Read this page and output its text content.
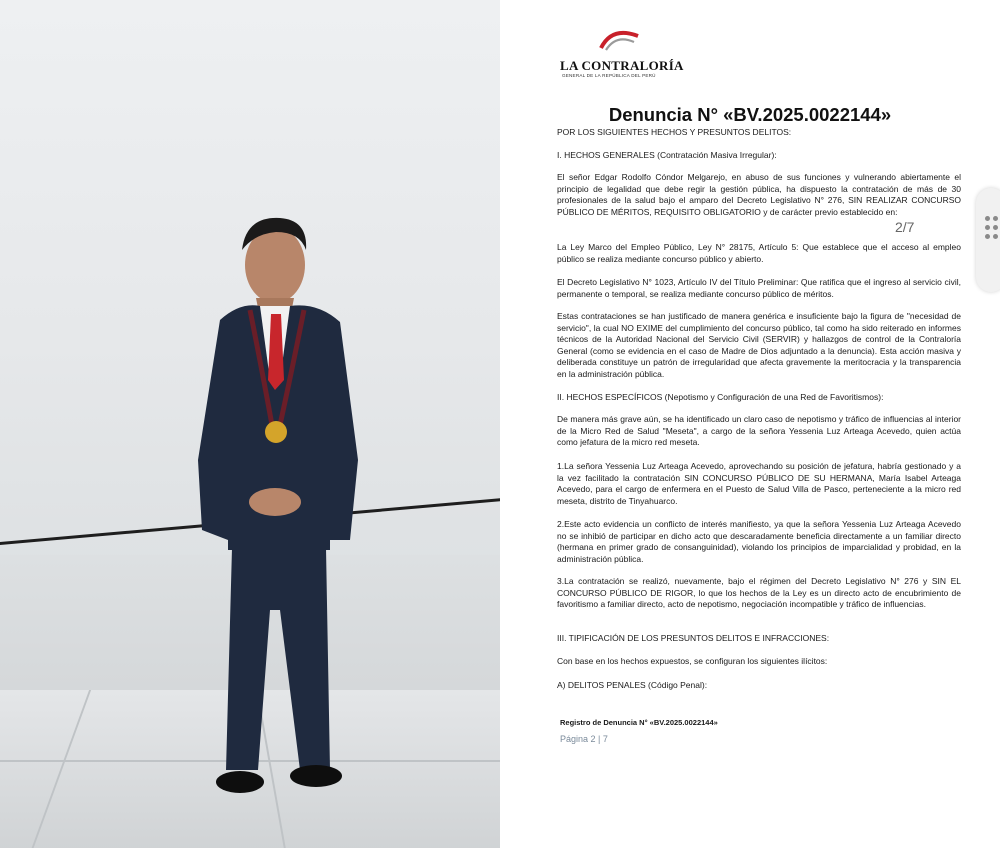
LA CONTRALORÍA
GENERAL DE LA REPÚBLICA DEL PERÚ
Denuncia N° «BV.2025.0022144»
POR LOS SIGUIENTES HECHOS Y PRESUNTOS DELITOS:
I. HECHOS GENERALES (Contratación Masiva Irregular):
El señor Edgar Rodolfo Cóndor Melgarejo, en abuso de sus funciones y vulnerando abiertamente el principio de legalidad que debe regir la gestión pública, ha dispuesto la contratación de más de 30 profesionales de la salud bajo el amparo del Decreto Legislativo N° 276, SIN REALIZAR CONCURSO PÚBLICO DE MÉRITOS, REQUISITO OBLIGATORIO y de carácter previo establecido en:
La Ley Marco del Empleo Público, Ley N° 28175, Artículo 5: Que establece que el acceso al empleo público se realiza mediante concurso público y abierto.
El Decreto Legislativo N° 1023, Artículo IV del Título Preliminar: Que ratifica que el ingreso al servicio civil, permanente o temporal, se realiza mediante concurso público de méritos.
Estas contrataciones se han justificado de manera genérica e insuficiente bajo la figura de "necesidad de servicio", la cual NO EXIME del cumplimiento del concurso público, tal como ha sido reiterado en informes técnicos de la Autoridad Nacional del Servicio Civil (SERVIR) y hallazgos de control de la Contraloría General (como se evidencia en el caso de Madre de Dios adjuntado a la denuncia). Esta acción masiva y deliberada constituye un patrón de irregularidad que afecta gravemente la meritocracia y la transparencia en la administración pública.
II. HECHOS ESPECÍFICOS (Nepotismo y Configuración de una Red de Favoritismos):
De manera más grave aún, se ha identificado un claro caso de nepotismo y tráfico de influencias al interior de la Micro Red de Salud "Meseta", a cargo de la señora Yessenia Luz Arteaga Acevedo, quien actúa como jefatura de la micro red meseta.
1.La señora Yessenia Luz Arteaga Acevedo, aprovechando su posición de jefatura, habría gestionado y a la vez facilitado la contratación SIN CONCURSO PÚBLICO DE SU HERMANA, María Isabel Arteaga Acevedo, para el cargo de enfermera en el Puesto de Salud Villa de Pasco, perteneciente a la micro red meseta, distrito de Tinyahuarco.
2.Este acto evidencia un conflicto de interés manifiesto, ya que la señora Yessenia Luz Arteaga Acevedo no se inhibió de participar en dicho acto que descaradamente beneficia directamente a un familiar directo (hermana en primer grado de consanguinidad), violando los principios de imparcialidad y probidad, en la administración pública.
3.La contratación se realizó, nuevamente, bajo el régimen del Decreto Legislativo N° 276 y SIN EL CONCURSO PÚBLICO DE RIGOR, lo que los hechos de la Ley es un directo acto de encubrimiento de favoritismo a familiar directo, acto de nepotismo, negociación incompatible y tráfico de influencias.
III. TIPIFICACIÓN DE LOS PRESUNTOS DELITOS E INFRACCIONES:
Con base en los hechos expuestos, se configuran los siguientes ilícitos:
A) DELITOS PENALES (Código Penal):
2/7
Registro de Denuncia N° «BV.2025.0022144»
Página 2 | 7
